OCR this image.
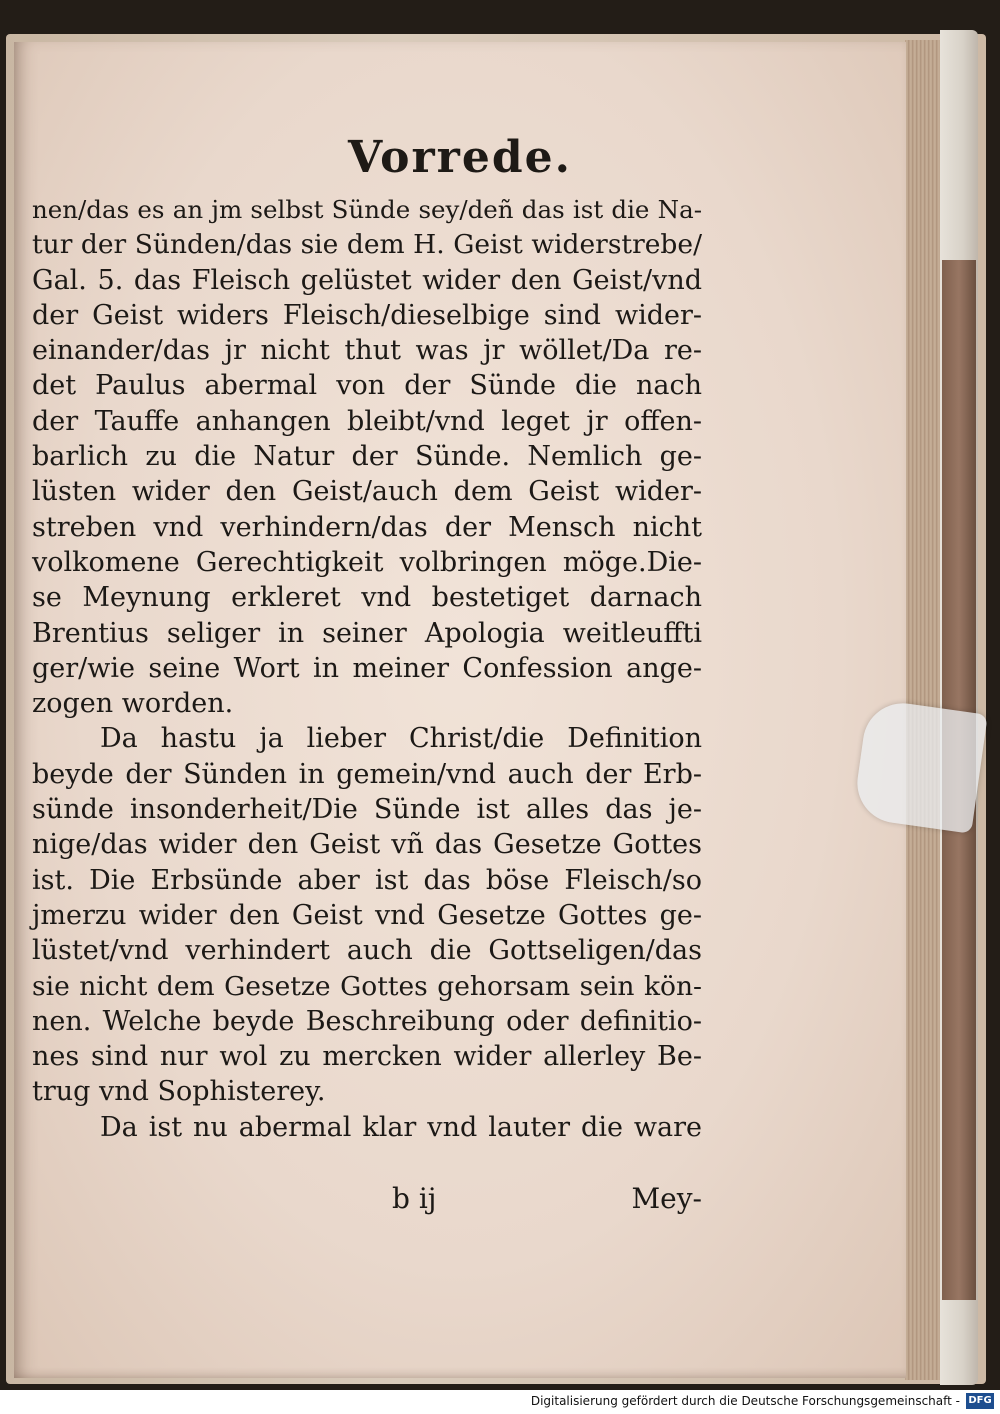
Vorrede.
nen/das es an jm selbst Sünde sey/deñ das ist die Na-
tur der Sünden/das sie dem H. Geist widerstrebe/
Gal. 5. das Fleisch gelüstet wider den Geist/vnd
der Geist widers Fleisch/dieselbige sind wider-
einander/das jr nicht thut was jr wöllet/Da re-
det Paulus abermal von der Sünde die nach
der Tauffe anhangen bleibt/vnd leget jr offen-
barlich zu die Natur der Sünde. Nemlich ge-
lüsten wider den Geist/auch dem Geist wider-
streben vnd verhindern/das der Mensch nicht
volkomene Gerechtigkeit volbringen möge.Die-
se Meynung erkleret vnd bestetiget darnach
Brentius seliger in seiner Apologia weitleuffti
ger/wie seine Wort in meiner Confession ange-
zogen worden.
Da hastu ja lieber Christ/die Definition
beyde der Sünden in gemein/vnd auch der Erb-
sünde insonderheit/Die Sünde ist alles das je-
nige/das wider den Geist vñ das Gesetze Gottes
ist. Die Erbsünde aber ist das böse Fleisch/so
jmerzu wider den Geist vnd Gesetze Gottes ge-
lüstet/vnd verhindert auch die Gottseligen/das
sie nicht dem Gesetze Gottes gehorsam sein kön-
nen. Welche beyde Beschreibung oder definitio-
nes sind nur wol zu mercken wider allerley Be-
trug vnd Sophisterey.
Da ist nu abermal klar vnd lauter die ware
b ij	Mey-
Digitalisierung gefördert durch die Deutsche Forschungsgemeinschaft - DFG
